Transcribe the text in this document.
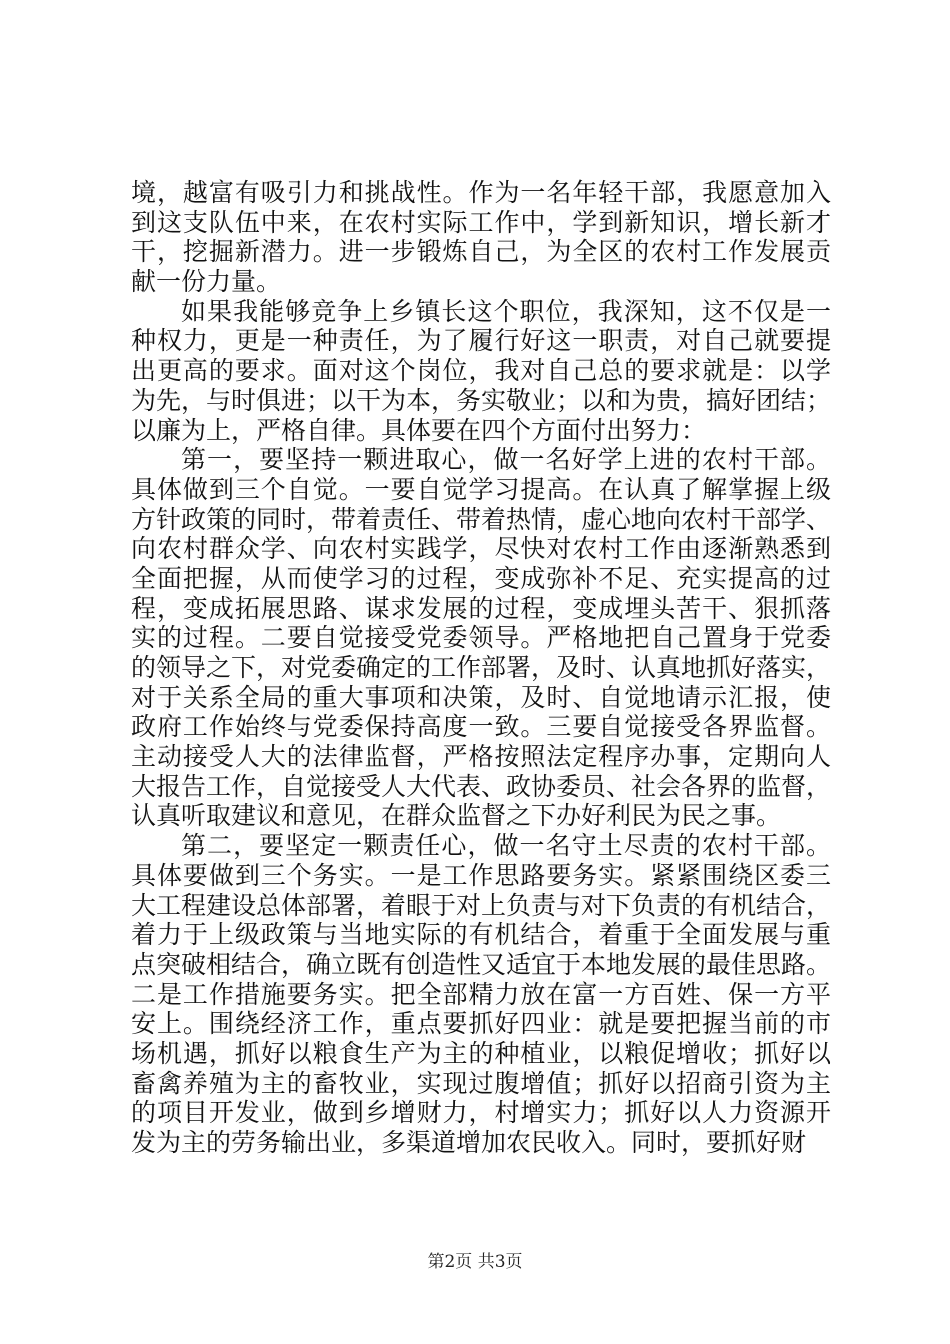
境，越富有吸引力和挑战性。作为一名年轻干部，我愿意加入
到这支队伍中来，在农村实际工作中，学到新知识，增长新才
干，挖掘新潜力。进一步锻炼自己，为全区的农村工作发展贡
献一份力量。
如果我能够竞争上乡镇长这个职位，我深知，这不仅是一
种权力，更是一种责任，为了履行好这一职责，对自己就要提
出更高的要求。面对这个岗位，我对自己总的要求就是：以学
为先，与时俱进；以干为本，务实敬业；以和为贵，搞好团结；
以廉为上，严格自律。具体要在四个方面付出努力：
第一，要坚持一颗进取心，做一名好学上进的农村干部。
具体做到三个自觉。一要自觉学习提高。在认真了解掌握上级
方针政策的同时，带着责任、带着热情，虚心地向农村干部学、
向农村群众学、向农村实践学，尽快对农村工作由逐渐熟悉到
全面把握，从而使学习的过程，变成弥补不足、充实提高的过
程，变成拓展思路、谋求发展的过程，变成埋头苦干、狠抓落
实的过程。二要自觉接受党委领导。严格地把自己置身于党委
的领导之下，对党委确定的工作部署，及时、认真地抓好落实，
对于关系全局的重大事项和决策，及时、自觉地请示汇报，使
政府工作始终与党委保持高度一致。三要自觉接受各界监督。
主动接受人大的法律监督，严格按照法定程序办事，定期向人
大报告工作，自觉接受人大代表、政协委员、社会各界的监督，
认真听取建议和意见，在群众监督之下办好利民为民之事。
第二，要坚定一颗责任心，做一名守土尽责的农村干部。
具体要做到三个务实。一是工作思路要务实。紧紧围绕区委三
大工程建设总体部署，着眼于对上负责与对下负责的有机结合，
着力于上级政策与当地实际的有机结合，着重于全面发展与重
点突破相结合，确立既有创造性又适宜于本地发展的最佳思路。
二是工作措施要务实。把全部精力放在富一方百姓、保一方平
安上。围绕经济工作，重点要抓好四业：就是要把握当前的市
场机遇，抓好以粮食生产为主的种植业，以粮促增收；抓好以
畜禽养殖为主的畜牧业，实现过腹增值；抓好以招商引资为主
的项目开发业，做到乡增财力，村增实力；抓好以人力资源开
发为主的劳务输出业，多渠道增加农民收入。同时，要抓好财
第2页 共3页
